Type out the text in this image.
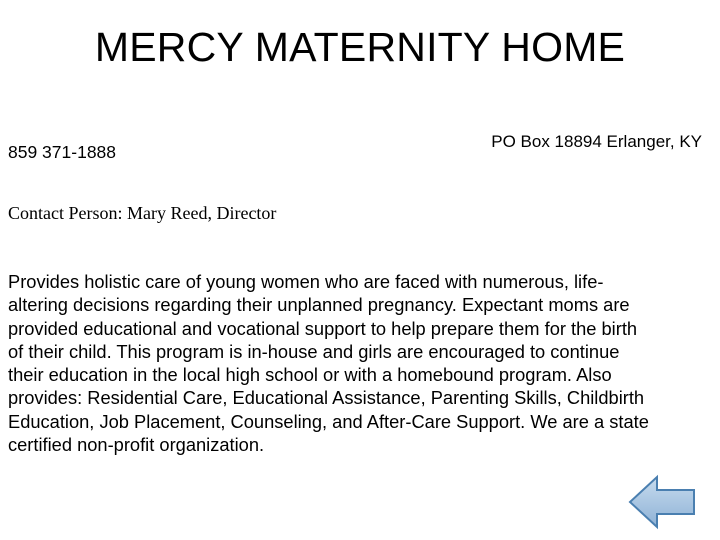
MERCY MATERNITY HOME
859 371-1888
PO Box 18894 Erlanger, KY
Contact Person: Mary Reed, Director
Provides holistic care of young women who are faced with numerous, life-
altering decisions regarding their unplanned pregnancy. Expectant moms are
provided educational and vocational support to help prepare them for the birth
of their child. This program is in-house and girls are encouraged to continue
their education in the local high school or with a homebound program. Also
provides: Residential Care, Educational Assistance, Parenting Skills, Childbirth
Education, Job Placement, Counseling, and After-Care Support. We are a state
certified non-profit organization.
